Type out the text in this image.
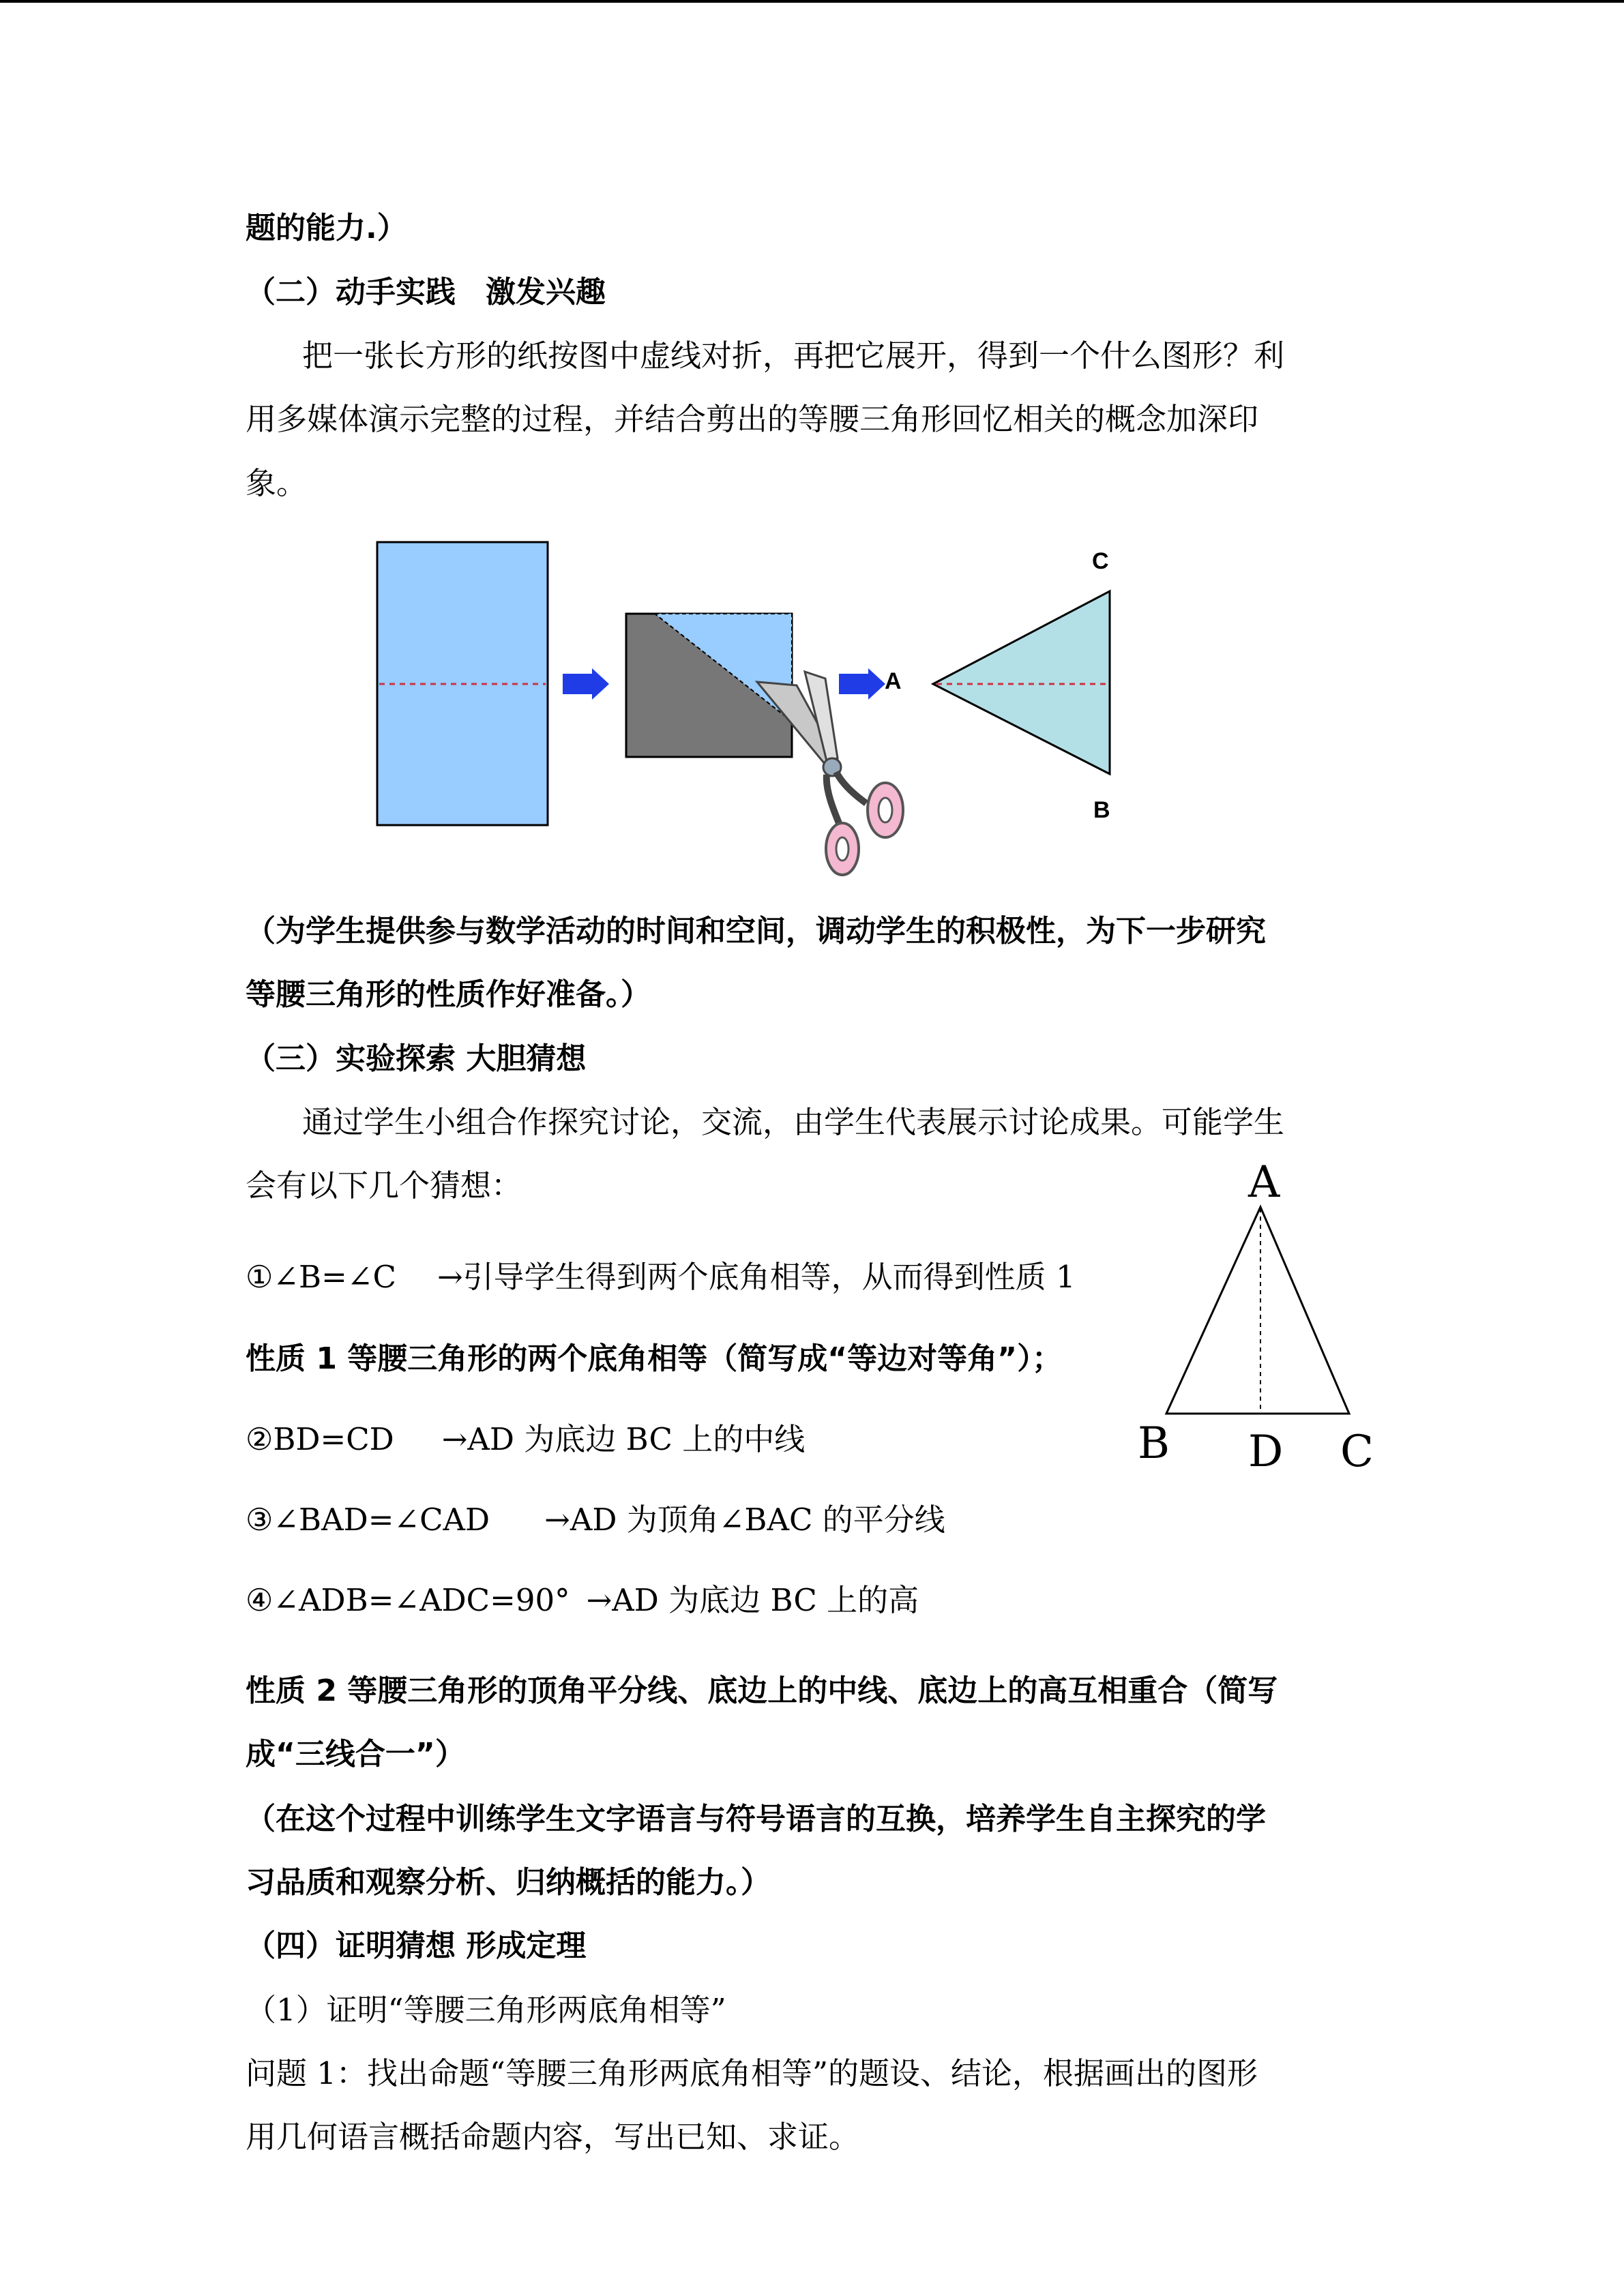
题的能力.）
（二）动手实践　激发兴趣
把一张长方形的纸按图中虚线对折，再把它展开，得到一个什么图形？利
用多媒体演示完整的过程，并结合剪出的等腰三角形回忆相关的概念加深印
象。
A
C
B
（为学生提供参与数学活动的时间和空间，调动学生的积极性，为下一步研究
等腰三角形的性质作好准备。）
（三）实验探索 大胆猜想
通过学生小组合作探究讨论，交流，由学生代表展示讨论成果。可能学生
会有以下几个猜想：	A
B D C
①∠B=∠C →引导学生得到两个底角相等，从而得到性质 1
性质 1 等腰三角形的两个底角相等（简写成“等边对等角”）；
②BD=CD →AD 为底边 BC 上的中线
③∠BAD=∠CAD →AD 为顶角∠BAC 的平分线
④∠ADB=∠ADC=90° →AD 为底边 BC 上的高
性质 2 等腰三角形的顶角平分线、底边上的中线、底边上的高互相重合（简写
成“三线合一”）
（在这个过程中训练学生文字语言与符号语言的互换，培养学生自主探究的学
习品质和观察分析、归纳概括的能力。）
（四）证明猜想 形成定理
（1）证明“等腰三角形两底角相等”
问题 1：找出命题“等腰三角形两底角相等”的题设、结论，根据画出的图形
用几何语言概括命题内容，写出已知、求证。
